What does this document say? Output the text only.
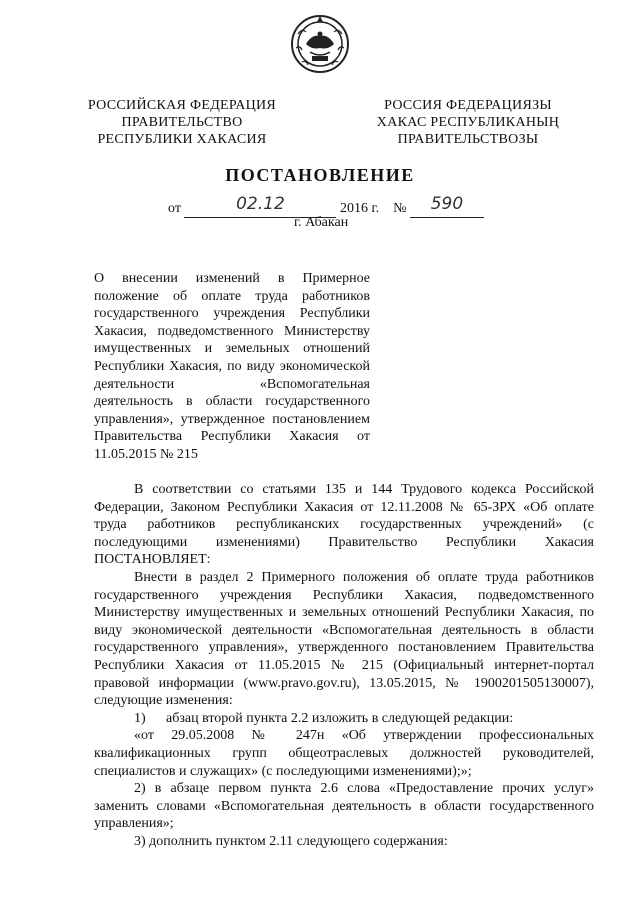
РОССИЙСКАЯ ФЕДЕРАЦИЯ
ПРАВИТЕЛЬСТВО
РЕСПУБЛИКИ ХАКАСИЯ
РОССИЯ ФЕДЕРАЦИЯЗЫ
ХАКАС РЕСПУБЛИКАНЫҢ
ПРАВИТЕЛЬСТВОЗЫ
ПОСТАНОВЛЕНИЕ
от	02.12	2016 г. № 590
г. Абакан
О внесении изменений в Примерное положение об оплате труда работников государственного учреждения Республики Хакасия, подведомственного Министерству имущественных и земельных отношений Республики Хакасия, по виду экономической деятельности «Вспомогательная деятельность в области государственного управления», утвержденное постановлением Правительства Республики Хакасия от 11.05.2015 № 215

В соответствии со статьями 135 и 144 Трудового кодекса Российской Федерации, Законом Республики Хакасия от 12.11.2008 № 65-ЗРХ «Об оплате труда работников республиканских государственных учреждений» (с последующими изменениями) Правительство Республики Хакасия ПОСТАНОВЛЯЕТ:

Внести в раздел 2 Примерного положения об оплате труда работников государственного учреждения Республики Хакасия, подведомственного Министерству имущественных и земельных отношений Республики Хакасия, по виду экономической деятельности «Вспомогательная деятельность в области государственного управления», утвержденного постановлением Правительства Республики Хакасия от 11.05.2015 № 215 (Официальный интернет-портал правовой информации (www.pravo.gov.ru), 13.05.2015, № 1900201505130007), следующие изменения:

1) абзац второй пункта 2.2 изложить в следующей редакции:

«от 29.05.2008 № 247н «Об утверждении профессиональных квалификационных групп общеотраслевых должностей руководителей, специалистов и служащих» (с последующими изменениями);»;

2) в абзаце первом пункта 2.6 слова «Предоставление прочих услуг» заменить словами «Вспомогательная деятельность в области государственного управления»;

3) дополнить пунктом 2.11 следующего содержания:
